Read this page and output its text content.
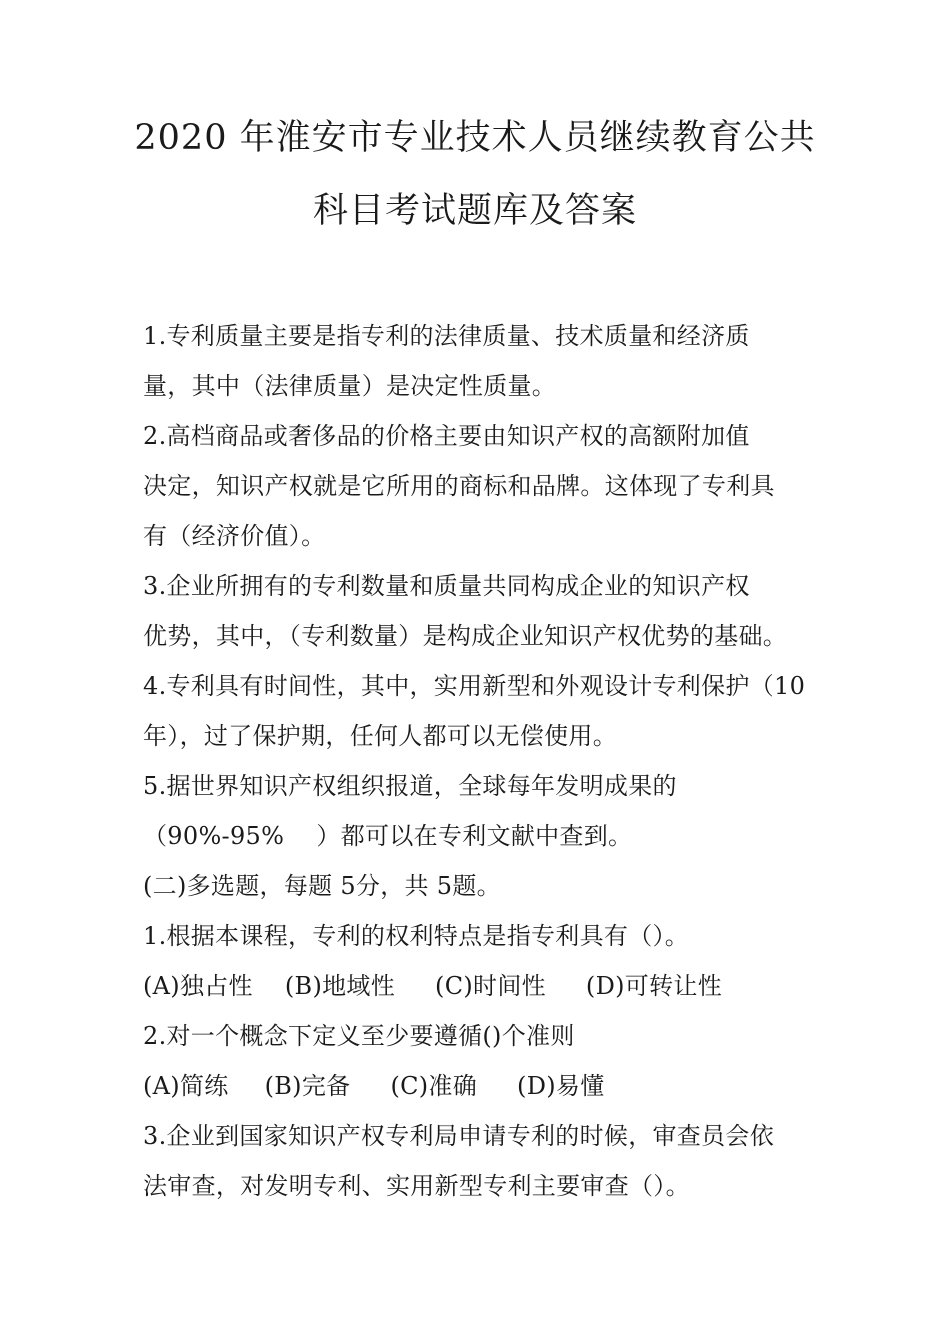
2020 年淮安市专业技术人员继续教育公共
科目考试题库及答案
1.专利质量主要是指专利的法律质量、技术质量和经济质
量，其中（法律质量）是决定性质量。
2.高档商品或奢侈品的价格主要由知识产权的高额附加值
决定，知识产权就是它所用的商标和品牌。这体现了专利具
有（经济价值）。
3.企业所拥有的专利数量和质量共同构成企业的知识产权
优势，其中，（专利数量）是构成企业知识产权优势的基础。
4.专利具有时间性，其中，实用新型和外观设计专利保护（10
年），过了保护期，任何人都可以无偿使用。
5.据世界知识产权组织报道，全球每年发明成果的
（90%-95%　 ）都可以在专利文献中查到。
(二)多选题，每题 5分，共 5题。
1.根据本课程，专利的权利特点是指专利具有（）。
(A)独占性 (B)地域性 (C)时间性 (D)可转让性
2.对一个概念下定义至少要遵循()个准则
(A)简练 (B)完备 (C)准确 (D)易懂
3.企业到国家知识产权专利局申请专利的时候，审查员会依
法审查，对发明专利、实用新型专利主要审查（）。
